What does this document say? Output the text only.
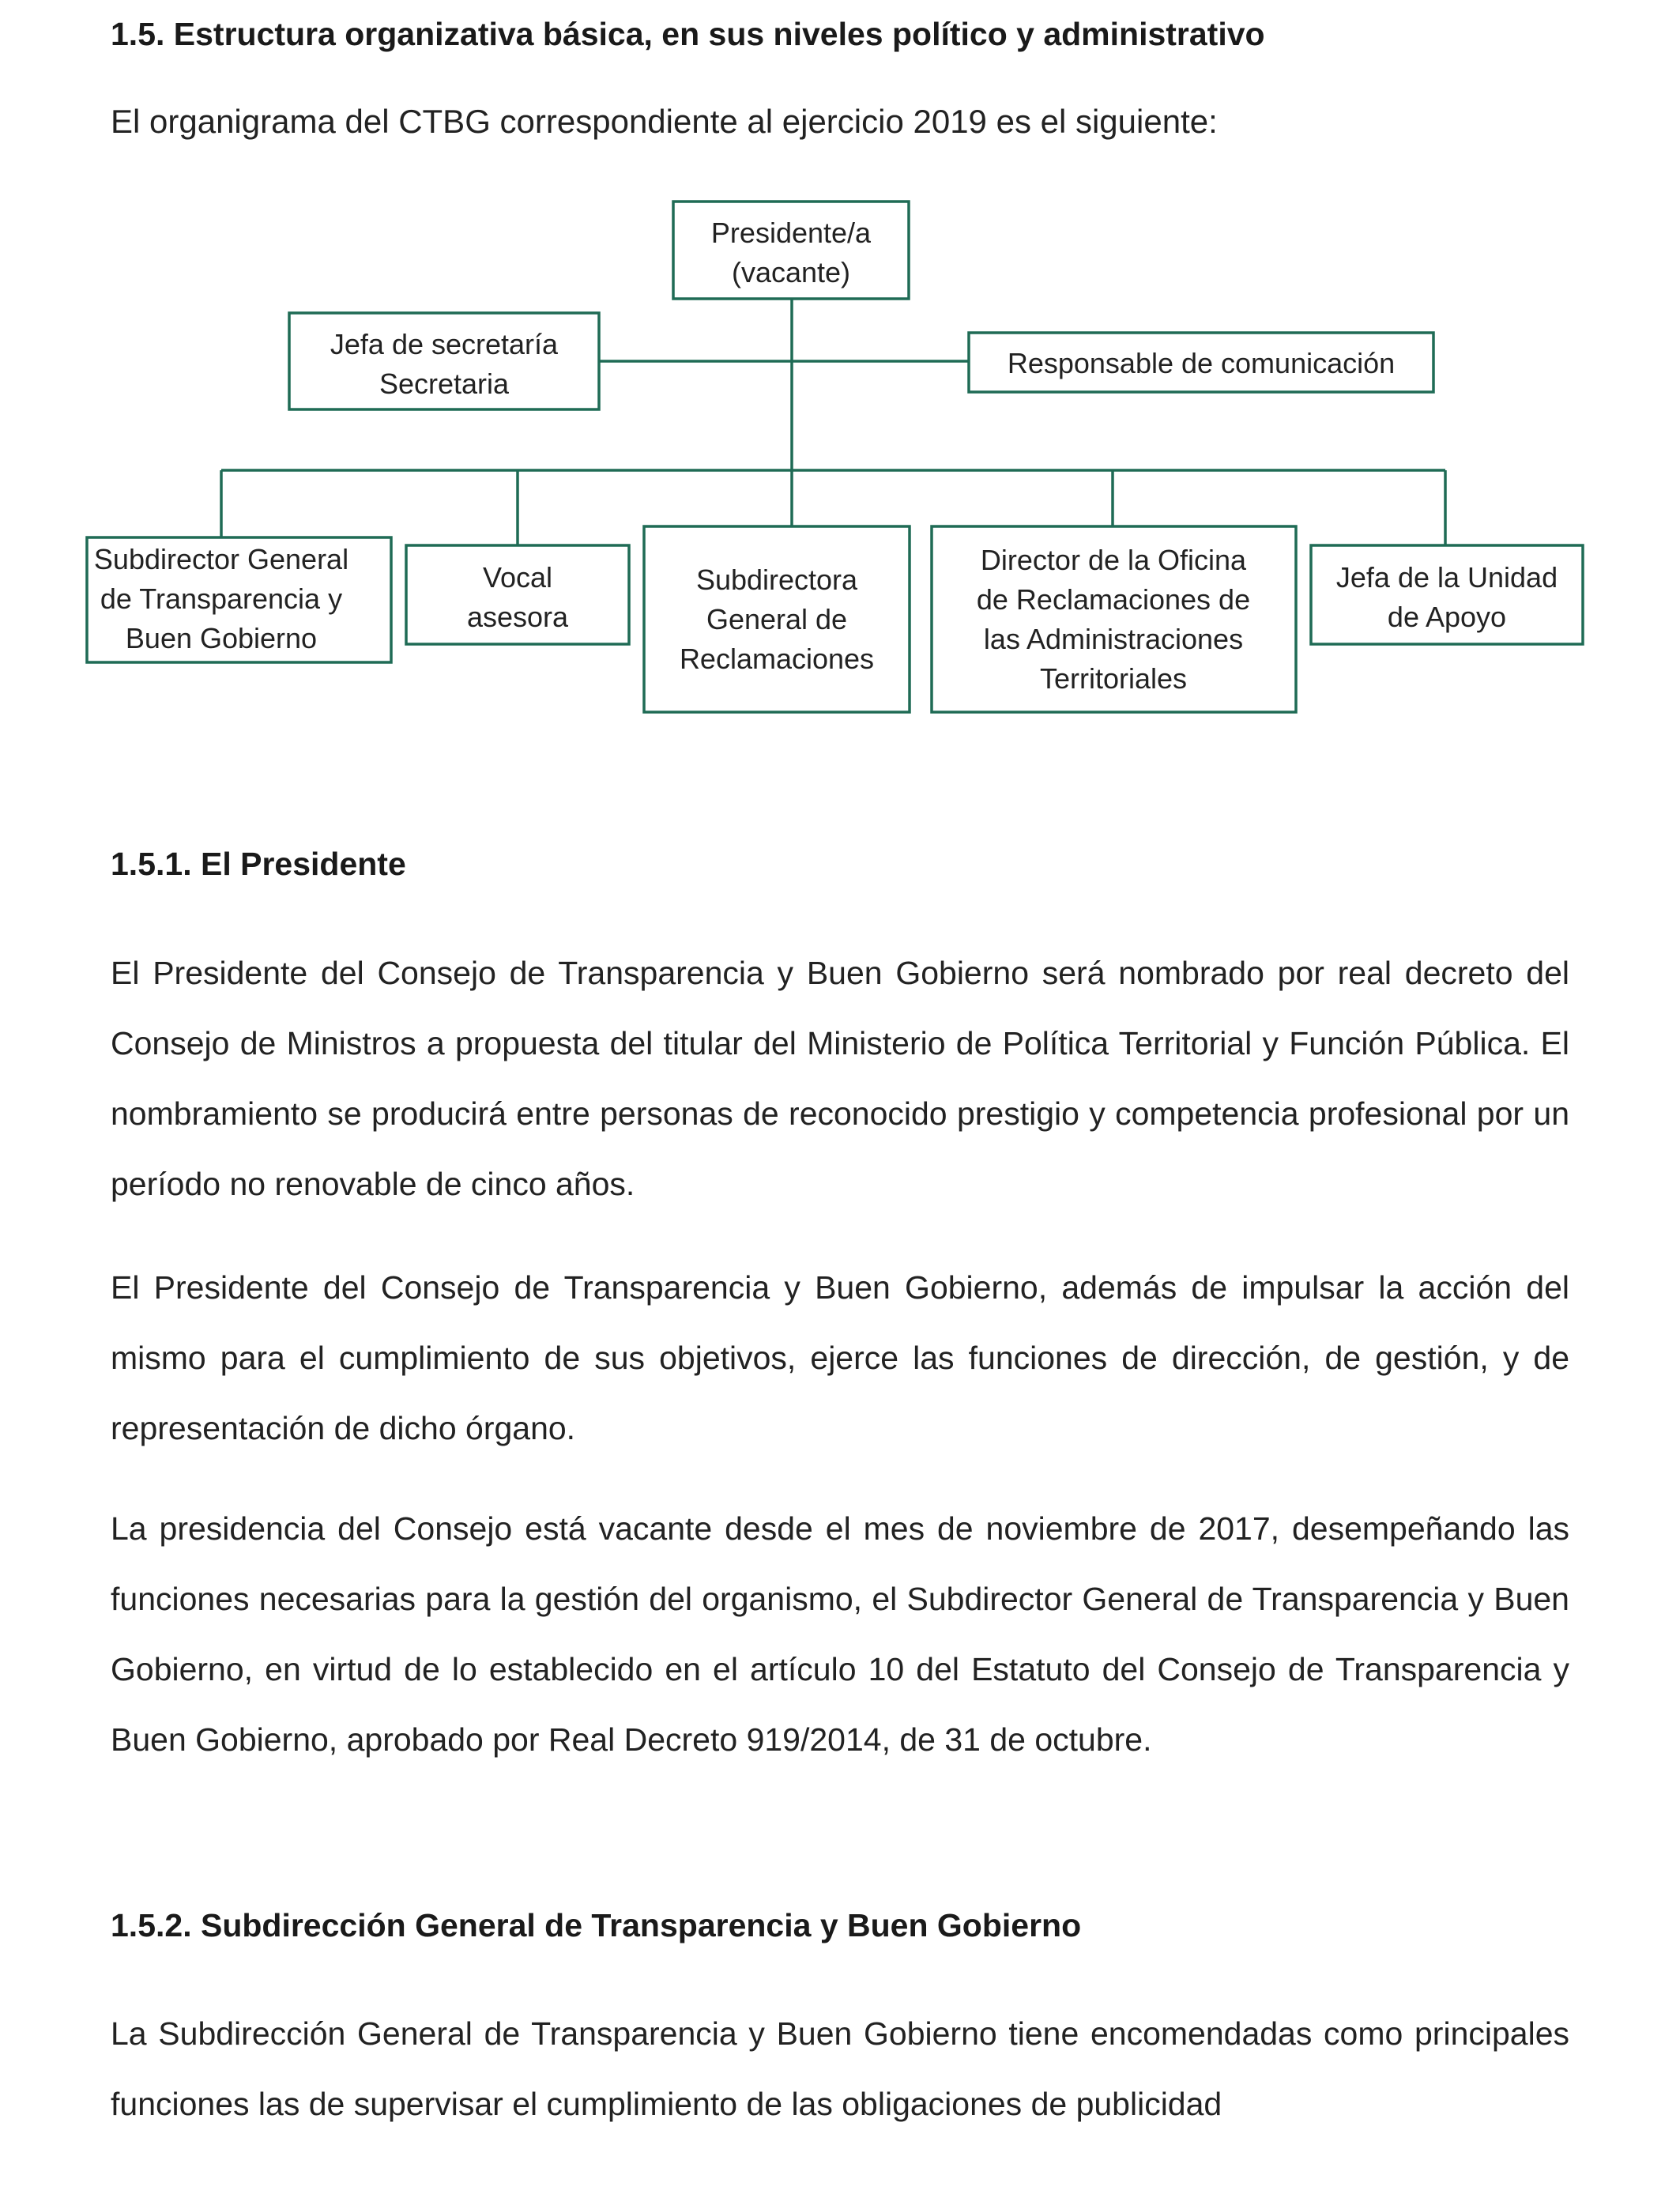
1.5. Estructura organizativa básica, en sus niveles político y administrativo

El organigrama del CTBG correspondiente al ejercicio 2019 es el siguiente:

Presidente/a (vacante)
Jefa de secretaría Secretaria
Responsable de comunicación
Subdirector General de Transparencia y Buen Gobierno
Vocal asesora
Subdirectora General de Reclamaciones
Director de la Oficina de Reclamaciones de las Administraciones Territoriales
Jefa de la Unidad de Apoyo
1.5.1. El Presidente

El Presidente del Consejo de Transparencia y Buen Gobierno será nombrado por real decreto del Consejo de Ministros a propuesta del titular del Ministerio de Política Territorial y Función Pública. El nombramiento se producirá entre personas de reconocido prestigio y competencia profesional por un período no renovable de cinco años.

El Presidente del Consejo de Transparencia y Buen Gobierno, además de impulsar la acción del mismo para el cumplimiento de sus objetivos, ejerce las funciones de dirección, de gestión, y de representación de dicho órgano.

La presidencia del Consejo está vacante desde el mes de noviembre de 2017, desempeñando las funciones necesarias para la gestión del organismo, el Subdirector General de Transparencia y Buen Gobierno, en virtud de lo establecido en el artículo 10 del Estatuto del Consejo de Transparencia y Buen Gobierno, aprobado por Real Decreto 919/2014, de 31 de octubre.

1.5.2. Subdirección General de Transparencia y Buen Gobierno

La Subdirección General de Transparencia y Buen Gobierno tiene encomendadas como principales funciones las de supervisar el cumplimiento de las obligaciones de publicidad
